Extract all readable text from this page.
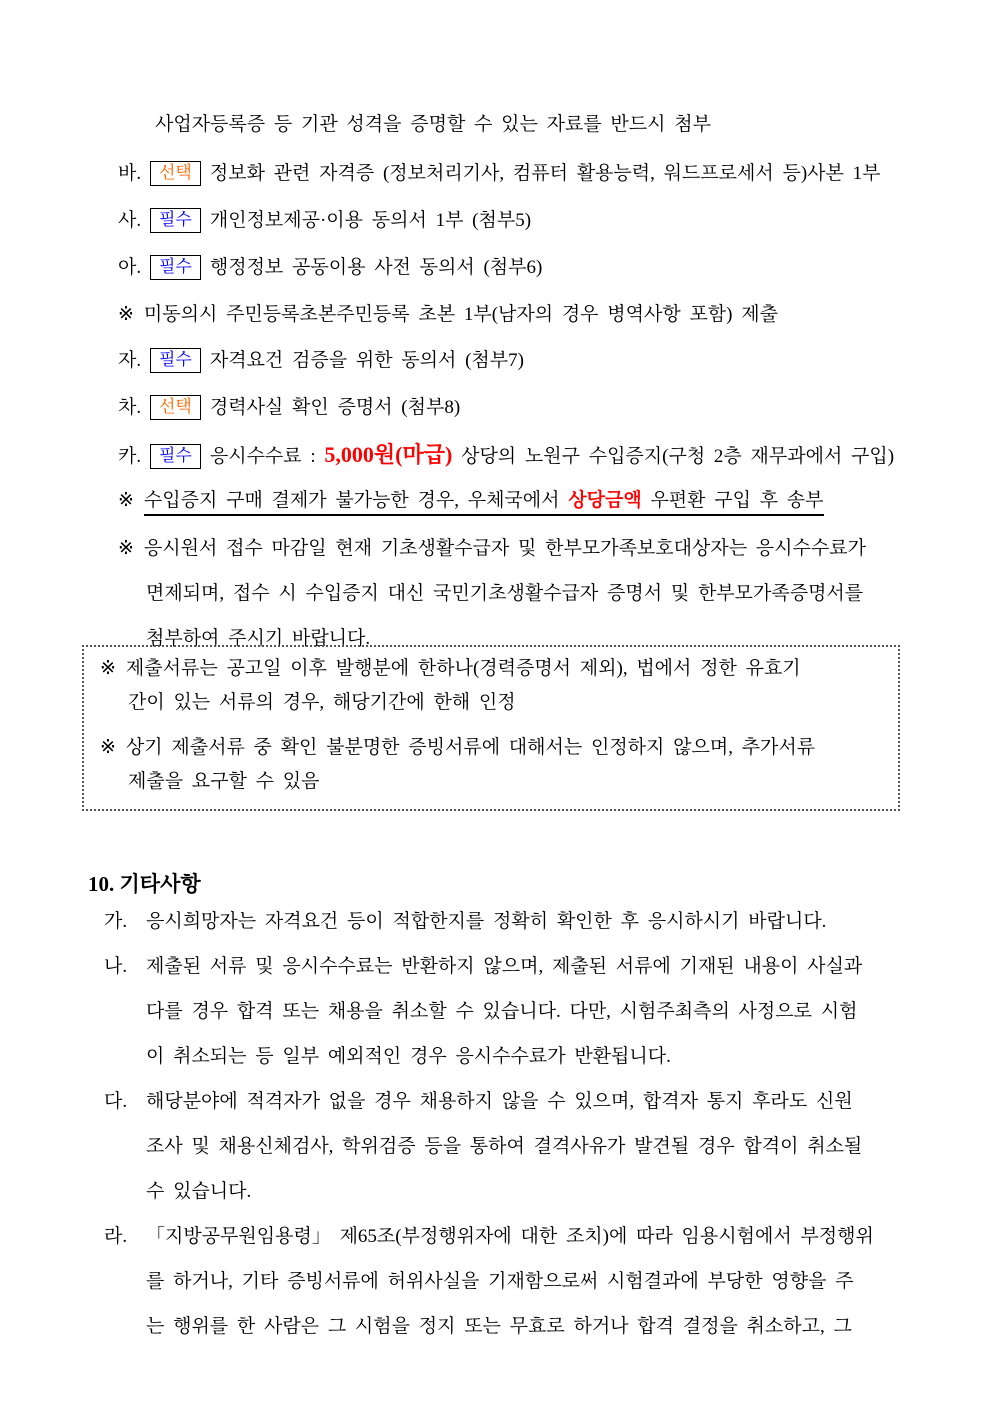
사업자등록증 등 기관 성격을 증명할 수 있는 자료를 반드시 첨부
바. 선택 정보화 관련 자격증 (정보처리기사, 컴퓨터 활용능력, 워드프로세서 등)사본 1부
사. 필수 개인정보제공·이용 동의서 1부 (첨부5)
아. 필수 행정정보 공동이용 사전 동의서 (첨부6)
※ 미동의시 주민등록초본주민등록 초본 1부(남자의 경우 병역사항 포함) 제출
자. 필수 자격요건 검증을 위한 동의서 (첨부7)
차. 선택 경력사실 확인 증명서 (첨부8)
카. 필수 응시수수료 : 5,000원(마급) 상당의 노원구 수입증지(구청 2층 재무과에서 구입)
※ 수입증지 구매 결제가 불가능한 경우, 우체국에서 상당금액 우편환 구입 후 송부
※ 응시원서 접수 마감일 현재 기초생활수급자 및 한부모가족보호대상자는 응시수수료가
면제되며, 접수 시 수입증지 대신 국민기초생활수급자 증명서 및 한부모가족증명서를
첨부하여 주시기 바랍니다.
※ 제출서류는 공고일 이후 발행분에 한하나(경력증명서 제외), 법에서 정한 유효기
간이 있는 서류의 경우, 해당기간에 한해 인정
※ 상기 제출서류 중 확인 불분명한 증빙서류에 대해서는 인정하지 않으며, 추가서류
제출을 요구할 수 있음
10. 기타사항
가. 응시희망자는 자격요건 등이 적합한지를 정확히 확인한 후 응시하시기 바랍니다.
나. 제출된 서류 및 응시수수료는 반환하지 않으며, 제출된 서류에 기재된 내용이 사실과
다를 경우 합격 또는 채용을 취소할 수 있습니다. 다만, 시험주최측의 사정으로 시험
이 취소되는 등 일부 예외적인 경우 응시수수료가 반환됩니다.
다. 해당분야에 적격자가 없을 경우 채용하지 않을 수 있으며, 합격자 통지 후라도 신원
조사 및 채용신체검사, 학위검증 등을 통하여 결격사유가 발견될 경우 합격이 취소될
수 있습니다.
라. 「지방공무원임용령」 제65조(부정행위자에 대한 조치)에 따라 임용시험에서 부정행위
를 하거나, 기타 증빙서류에 허위사실을 기재함으로써 시험결과에 부당한 영향을 주
는 행위를 한 사람은 그 시험을 정지 또는 무효로 하거나 합격 결정을 취소하고, 그
